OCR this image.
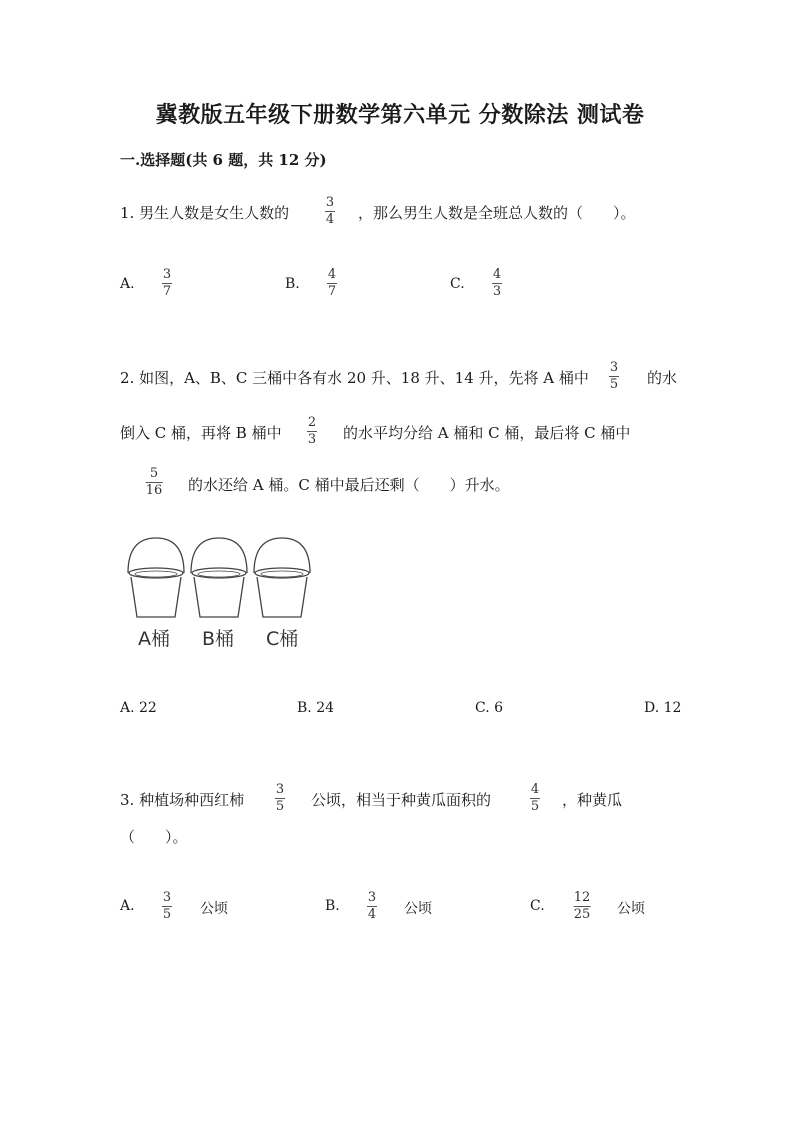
冀教版五年级下册数学第六单元 分数除法 测试卷
一.选择题(共 6 题，共 12 分)
1. 男生人数是女生人数的
3
4 ，那么男生人数是全班总人数的（　　）。
A.
3
7	B.
4
7	C.
4
3
2. 如图，A、B、C 三桶中各有水 20 升、18 升、14 升，先将 A 桶中
3
5 的水
倒入 C 桶，再将 B 桶中
2
3 的水平均分给 A 桶和 C 桶，最后将 C 桶中
5
16 的水还给 A 桶。C 桶中最后还剩（　　）升水。
A桶 B桶 C桶
A. 22	B. 24	C. 6	D. 12
3. 种植场种西红柿
3
5 公顷，相当于种黄瓜面积的
4
5 ，种黄瓜
（　　）。
A.
3
5 公顷	B.
3
4 公顷	C.
12
25 公顷
